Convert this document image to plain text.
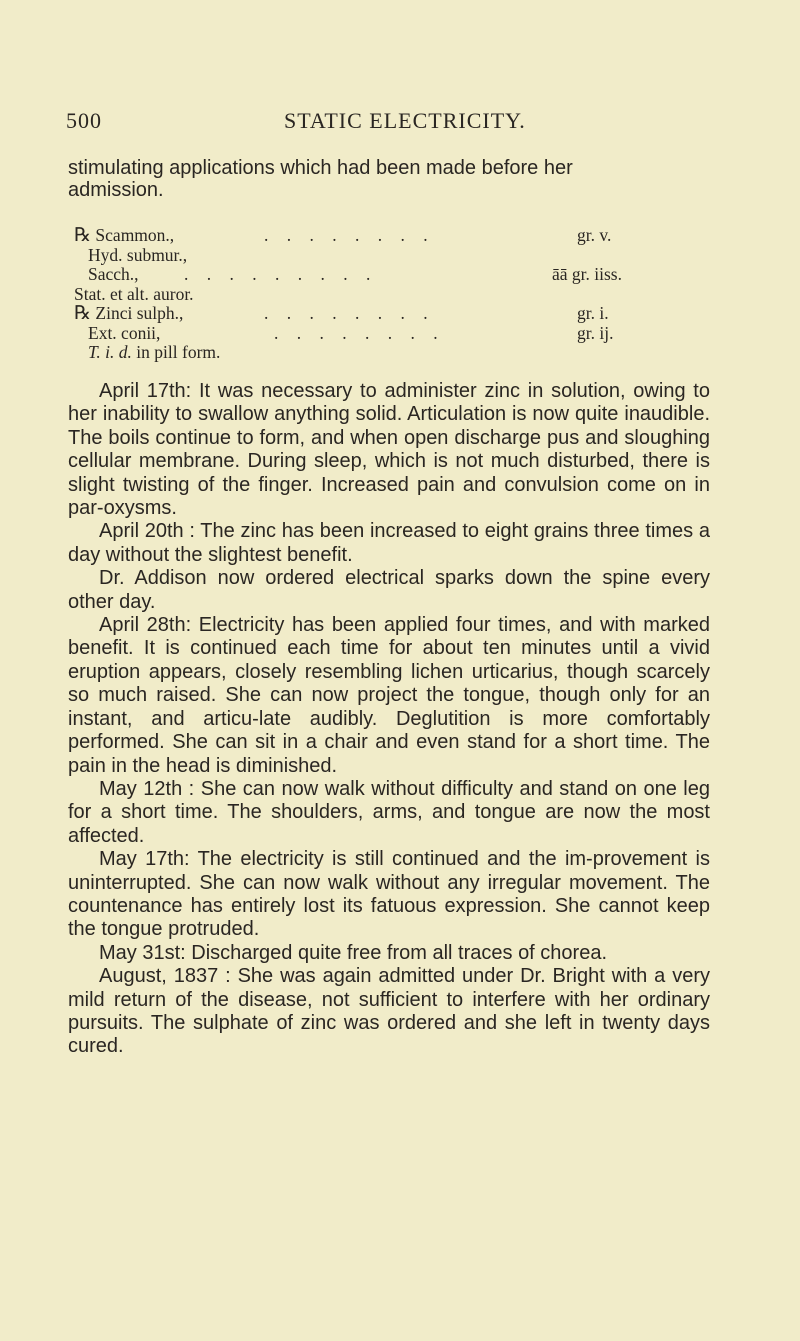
500	STATIC ELECTRICITY.
stimulating applications which had been made before her
admission.
℞ Scammon.,	. . . . . . . .	gr. v.
Hyd. submur.,
Sacch.,	. . . . . . . . .	āā gr. iiss.
Stat. et alt. auror.
℞ Zinci sulph.,	. . . . . . . .	gr. i.
Ext. conii,	. . . . . . . .	gr. ij.
T. i. d. in pill form.

April 17th: It was necessary to administer zinc in solution, owing to her inability to swallow anything solid. Articulation is now quite inaudible. The boils continue to form, and when open discharge pus and sloughing cellular membrane. During sleep, which is not much disturbed, there is slight twisting of the finger. Increased pain and convulsion come on in par-oxysms.

April 20th : The zinc has been increased to eight grains three times a day without the slightest benefit.

Dr. Addison now ordered electrical sparks down the spine every other day.

April 28th: Electricity has been applied four times, and with marked benefit. It is continued each time for about ten minutes until a vivid eruption appears, closely resembling lichen urticarius, though scarcely so much raised. She can now project the tongue, though only for an instant, and articu-late audibly. Deglutition is more comfortably performed. She can sit in a chair and even stand for a short time. The pain in the head is diminished.

May 12th : She can now walk without difficulty and stand on one leg for a short time. The shoulders, arms, and tongue are now the most affected.

May 17th: The electricity is still continued and the im-provement is uninterrupted. She can now walk without any irregular movement. The countenance has entirely lost its fatuous expression. She cannot keep the tongue protruded.

May 31st: Discharged quite free from all traces of chorea.

August, 1837 : She was again admitted under Dr. Bright with a very mild return of the disease, not sufficient to interfere with her ordinary pursuits. The sulphate of zinc was ordered and she left in twenty days cured.
